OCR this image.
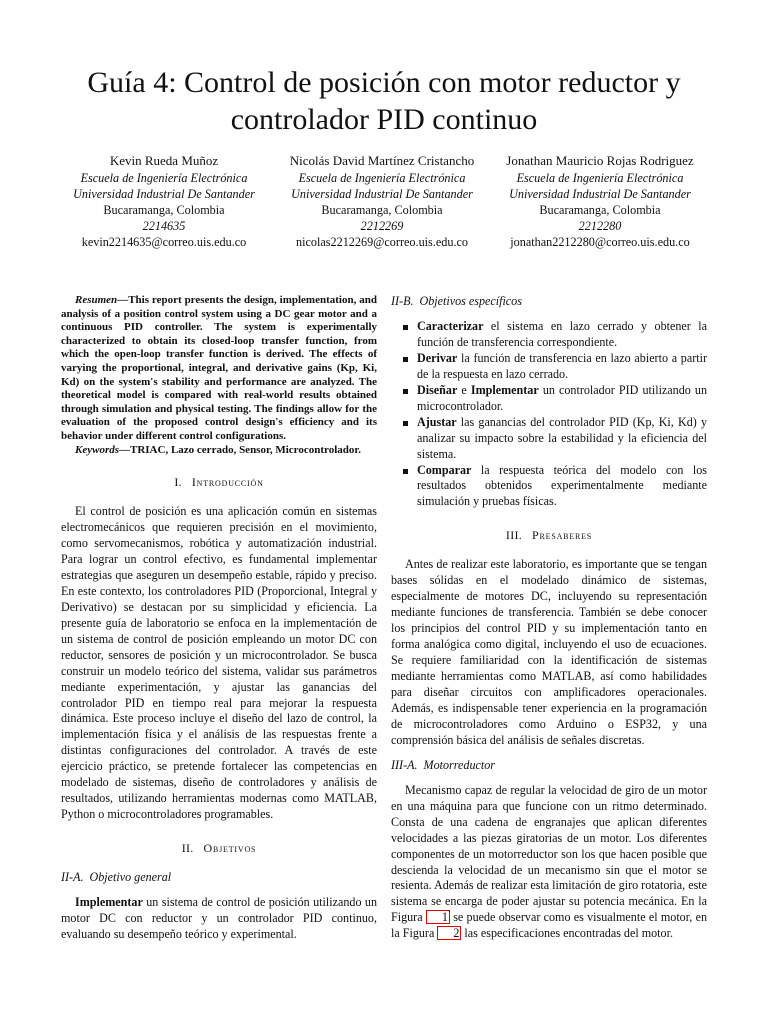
Guía 4: Control de posición con motor reductor y controlador PID continuo
Kevin Rueda Muñoz
Escuela de Ingeniería Electrónica
Universidad Industrial De Santander
Bucaramanga, Colombia
2214635
kevin2214635@correo.uis.edu.co
Nicolás David Martínez Cristancho
Escuela de Ingeniería Electrónica
Universidad Industrial De Santander
Bucaramanga, Colombia
2212269
nicolas2212269@correo.uis.edu.co
Jonathan Mauricio Rojas Rodriguez
Escuela de Ingeniería Electrónica
Universidad Industrial De Santander
Bucaramanga, Colombia
2212280
jonathan2212280@correo.uis.edu.co

Resumen—This report presents the design, implementation, and analysis of a position control system using a DC gear motor and a continuous PID controller. The system is experimentally characterized to obtain its closed-loop transfer function, from which the open-loop transfer function is derived. The effects of varying the proportional, integral, and derivative gains (Kp, Ki, Kd) on the system's stability and performance are analyzed. The theoretical model is compared with real-world results obtained through simulation and physical testing. The findings allow for the evaluation of the proposed control design's efficiency and its behavior under different control configurations.

Keywords—TRIAC, Lazo cerrado, Sensor, Microcontrolador.

I. Introducción

El control de posición es una aplicación común en sistemas electromecánicos que requieren precisión en el movimiento, como servomecanismos, robótica y automatización industrial. Para lograr un control efectivo, es fundamental implementar estrategias que aseguren un desempeño estable, rápido y preciso. En este contexto, los controladores PID (Proporcional, Integral y Derivativo) se destacan por su simplicidad y eficiencia. La presente guía de laboratorio se enfoca en la implementación de un sistema de control de posición empleando un motor DC con reductor, sensores de posición y un microcontrolador. Se busca construir un modelo teórico del sistema, validar sus parámetros mediante experimentación, y ajustar las ganancias del controlador PID en tiempo real para mejorar la respuesta dinámica. Este proceso incluye el diseño del lazo de control, la implementación física y el análisis de las respuestas frente a distintas configuraciones del controlador. A través de este ejercicio práctico, se pretende fortalecer las competencias en modelado de sistemas, diseño de controladores y análisis de resultados, utilizando herramientas modernas como MATLAB, Python o microcontroladores programables.

II. Objetivos
II-A. Objetivo general

Implementar un sistema de control de posición utilizando un motor DC con reductor y un controlador PID continuo, evaluando su desempeño teórico y experimental.

II-B. Objetivos específicos
Caracterizar el sistema en lazo cerrado y obtener la función de transferencia correspondiente.
Derivar la función de transferencia en lazo abierto a partir de la respuesta en lazo cerrado.
Diseñar e Implementar un controlador PID utilizando un microcontrolador.
Ajustar las ganancias del controlador PID (Kp, Ki, Kd) y analizar su impacto sobre la estabilidad y la eficiencia del sistema.
Comparar la respuesta teórica del modelo con los resultados obtenidos experimentalmente mediante simulación y pruebas físicas.
III. Presaberes

Antes de realizar este laboratorio, es importante que se tengan bases sólidas en el modelado dinámico de sistemas, especialmente de motores DC, incluyendo su representación mediante funciones de transferencia. También se debe conocer los principios del control PID y su implementación tanto en forma analógica como digital, incluyendo el uso de ecuaciones. Se requiere familiaridad con la identificación de sistemas mediante herramientas como MATLAB, así como habilidades para diseñar circuitos con amplificadores operacionales. Además, es indispensable tener experiencia en la programación de microcontroladores como Arduino o ESP32, y una comprensión básica del análisis de señales discretas.

III-A. Motorreductor

Mecanismo capaz de regular la velocidad de giro de un motor en una máquina para que funcione con un ritmo determinado. Consta de una cadena de engranajes que aplican diferentes velocidades a las piezas giratorias de un motor. Los diferentes componentes de un motorreductor son los que hacen posible que descienda la velocidad de un mecanismo sin que el motor se resienta. Además de realizar esta limitación de giro rotatoria, este sistema se encarga de poder ajustar su potencia mecánica. En la Figura 1 se puede observar como es visualmente el motor, en la Figura 2 las especificaciones encontradas del motor.
